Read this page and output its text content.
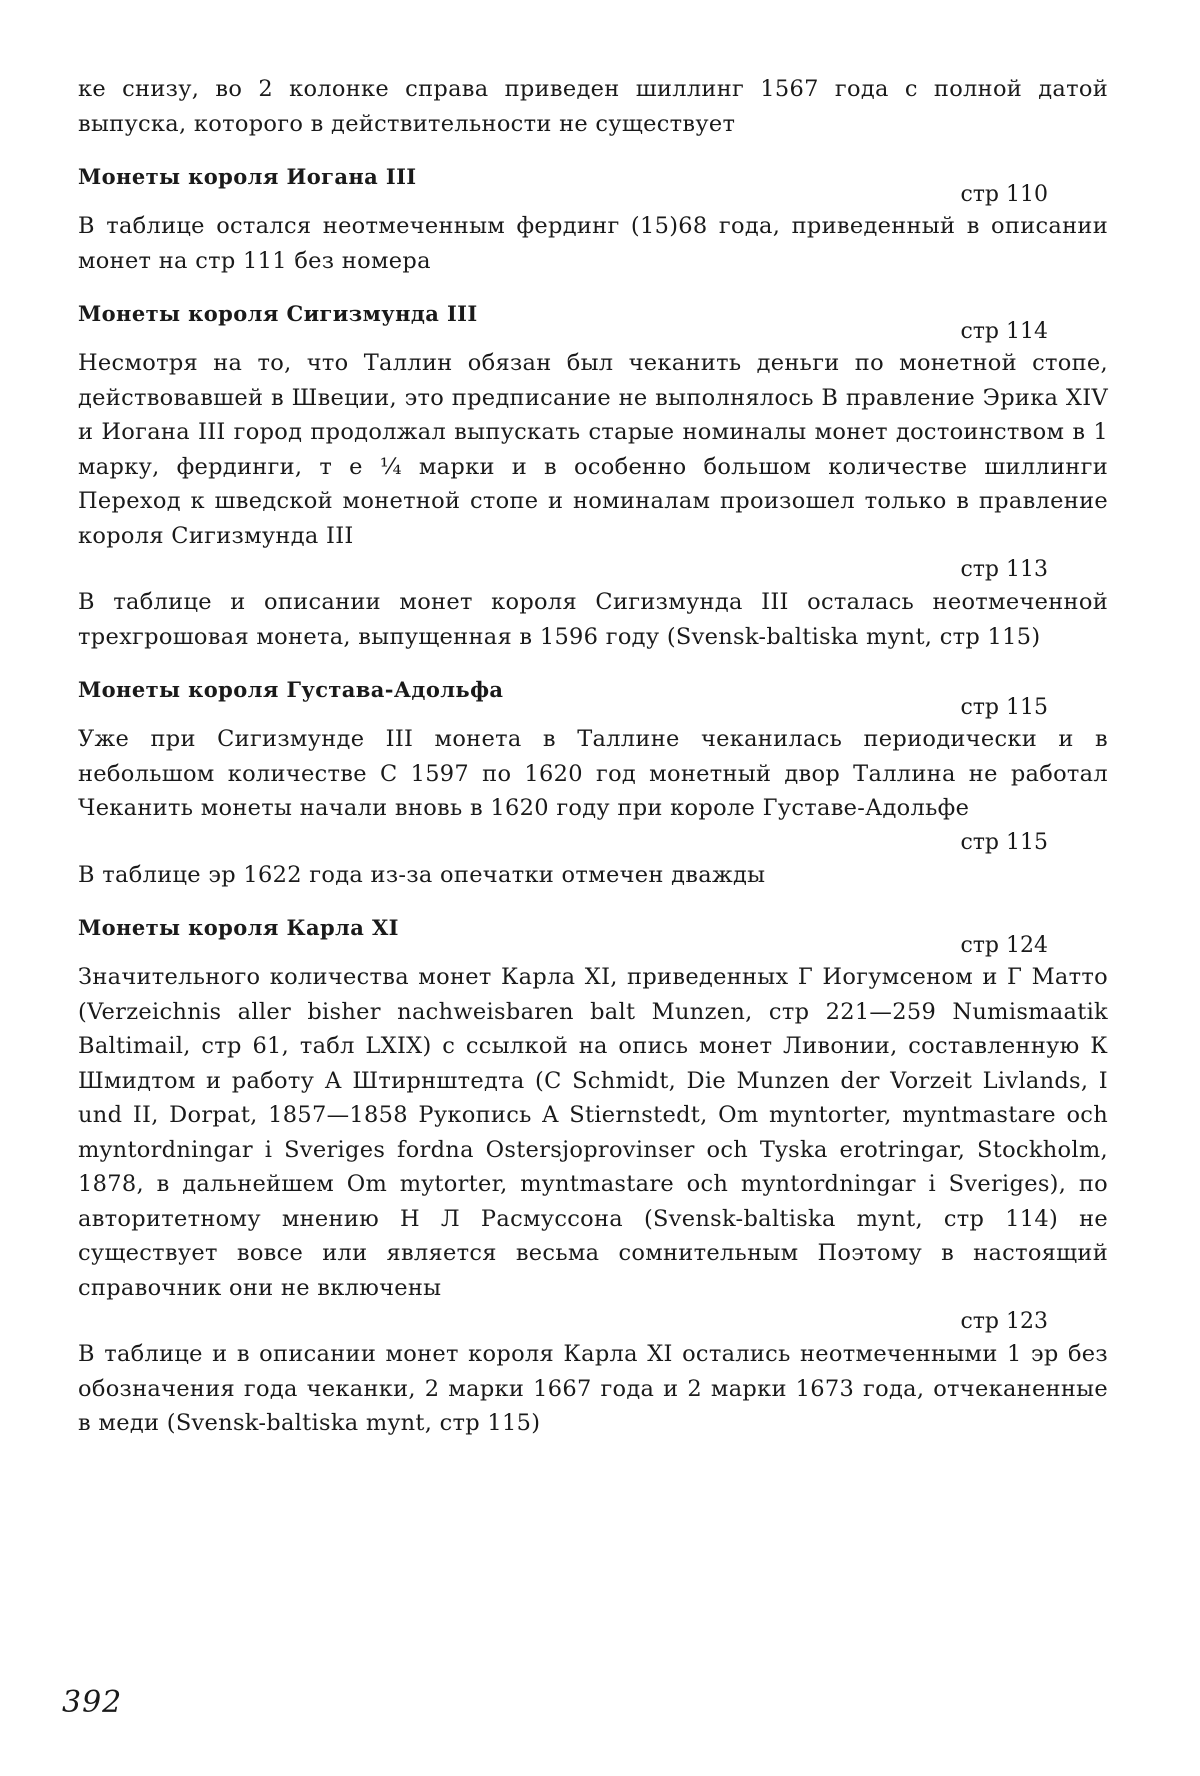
ке снизу, во 2 колонке справа приведен шиллинг 1567 года с полной датой выпуска, которого в действительности не существует

Монеты короля Иогана III
стр 110

В таблице остался неотмеченным фердинг (15)68 года, приведенный в описании монет на стр 111 без номера

Монеты короля Сигизмунда III
стр 114

Несмотря на то, что Таллин обязан был чеканить деньги по монетной стопе, действовавшей в Швеции, это предписание не выполнялось В правление Эрика XIV и Иогана III город продолжал выпускать старые номиналы монет достоинством в 1 марку, фердинги, т е ¼ марки и в особенно большом количестве шиллинги Переход к шведской монетной стопе и номиналам произошел только в правление короля Сигизмунда III

стр 113

В таблице и описании монет короля Сигизмунда III осталась неотмеченной трехгрошовая монета, выпущенная в 1596 году (Svensk-baltiska mynt, стр 115)

Монеты короля Густава-Адольфа
стр 115

Уже при Сигизмунде III монета в Таллине чеканилась периодически и в небольшом количестве С 1597 по 1620 год монетный двор Таллина не работал Чеканить монеты начали вновь в 1620 году при короле Густаве-Адольфе

стр 115

В таблице эр 1622 года из-за опечатки отмечен дважды

Монеты короля Карла XI
стр 124

Значительного количества монет Карла XI, приведенных Г Иогумсеном и Г Матто (Verzeichnis aller bisher nachweisbaren balt Munzen, стр 221—259 Numismaatik Baltimail, стр 61, табл LXIX) с ссылкой на опись монет Ливонии, составленную К Шмидтом и работу А Штирнштедта (C Schmidt, Die Munzen der Vorzeit Livlands, I und II, Dorpat, 1857—1858 Рукопись A Stiernstedt, Om myntorter, myntmastare och myntordningar i Sveriges fordna Ostersjoprovinser och Tyska erotringar, Stockholm, 1878, в дальнейшем Om mytorter, myntmastare och myntordningar i Sveriges), по авторитетному мнению Н Л Расмуссона (Svensk-baltiska mynt, стр 114) не существует вовсе или является весьма сомнительным Поэтому в настоящий справочник они не включены

стр 123

В таблице и в описании монет короля Карла XI остались неотмеченными 1 эр без обозначения года чеканки, 2 марки 1667 года и 2 марки 1673 года, отчеканенные в меди (Svensk-baltiska mynt, стр 115)

392
